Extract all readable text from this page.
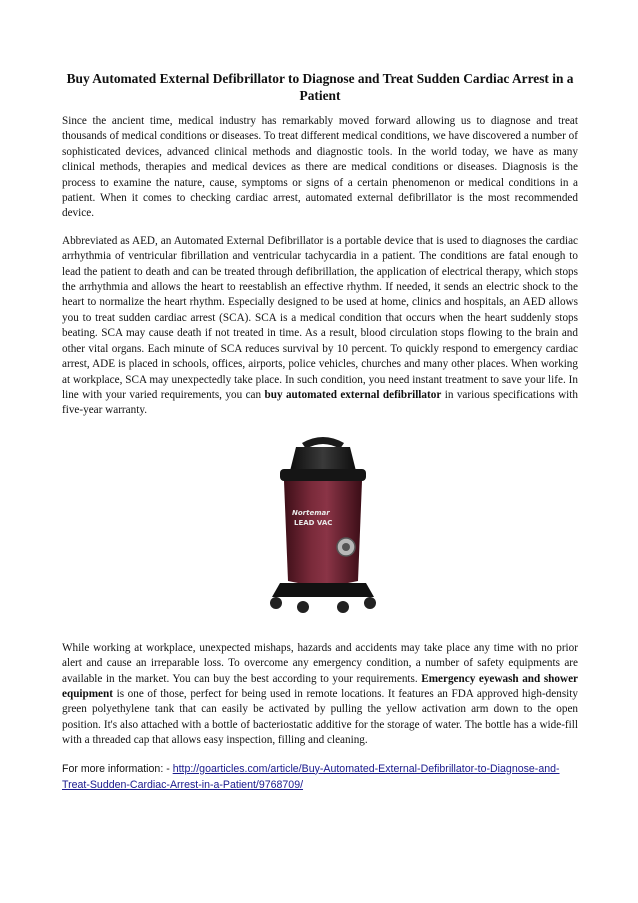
Buy Automated External Defibrillator to Diagnose and Treat Sudden Cardiac Arrest in a Patient

Since the ancient time, medical industry has remarkably moved forward allowing us to diagnose and treat thousands of medical conditions or diseases. To treat different medical conditions, we have discovered a number of sophisticated devices, advanced clinical methods and diagnostic tools. In the world today, we have as many clinical methods, therapies and medical devices as there are medical conditions or diseases. Diagnosis is the process to examine the nature, cause, symptoms or signs of a certain phenomenon or medical conditions in a patient. When it comes to checking cardiac arrest, automated external defibrillator is the most recommended device.

Abbreviated as AED, an Automated External Defibrillator is a portable device that is used to diagnoses the cardiac arrhythmia of ventricular fibrillation and ventricular tachycardia in a patient. The conditions are fatal enough to lead the patient to death and can be treated through defibrillation, the application of electrical therapy, which stops the arrhythmia and allows the heart to reestablish an effective rhythm. If needed, it sends an electric shock to the heart to normalize the heart rhythm. Especially designed to be used at home, clinics and hospitals, an AED allows you to treat sudden cardiac arrest (SCA). SCA is a medical condition that occurs when the heart suddenly stops beating. SCA may cause death if not treated in time. As a result, blood circulation stops flowing to the brain and other vital organs. Each minute of SCA reduces survival by 10 percent. To quickly respond to emergency cardiac arrest, ADE is placed in schools, offices, airports, police vehicles, churches and many other places. When working at workplace, SCA may unexpectedly take place. In such condition, you need instant treatment to save your life. In line with your varied requirements, you can buy automated external defibrillator in various specifications with five-year warranty.

Nortemar
LEAD VAC

While working at workplace, unexpected mishaps, hazards and accidents may take place any time with no prior alert and cause an irreparable loss. To overcome any emergency condition, a number of safety equipments are available in the market. You can buy the best according to your requirements. Emergency eyewash and shower equipment is one of those, perfect for being used in remote locations. It features an FDA approved high-density green polyethylene tank that can easily be activated by pulling the yellow activation arm down to the open position. It's also attached with a bottle of bacteriostatic additive for the storage of water. The bottle has a wide-fill with a threaded cap that allows easy inspection, filling and cleaning.

For more information: - http://goarticles.com/article/Buy-Automated-External-Defibrillator-to-Diagnose-and-Treat-Sudden-Cardiac-Arrest-in-a-Patient/9768709/
